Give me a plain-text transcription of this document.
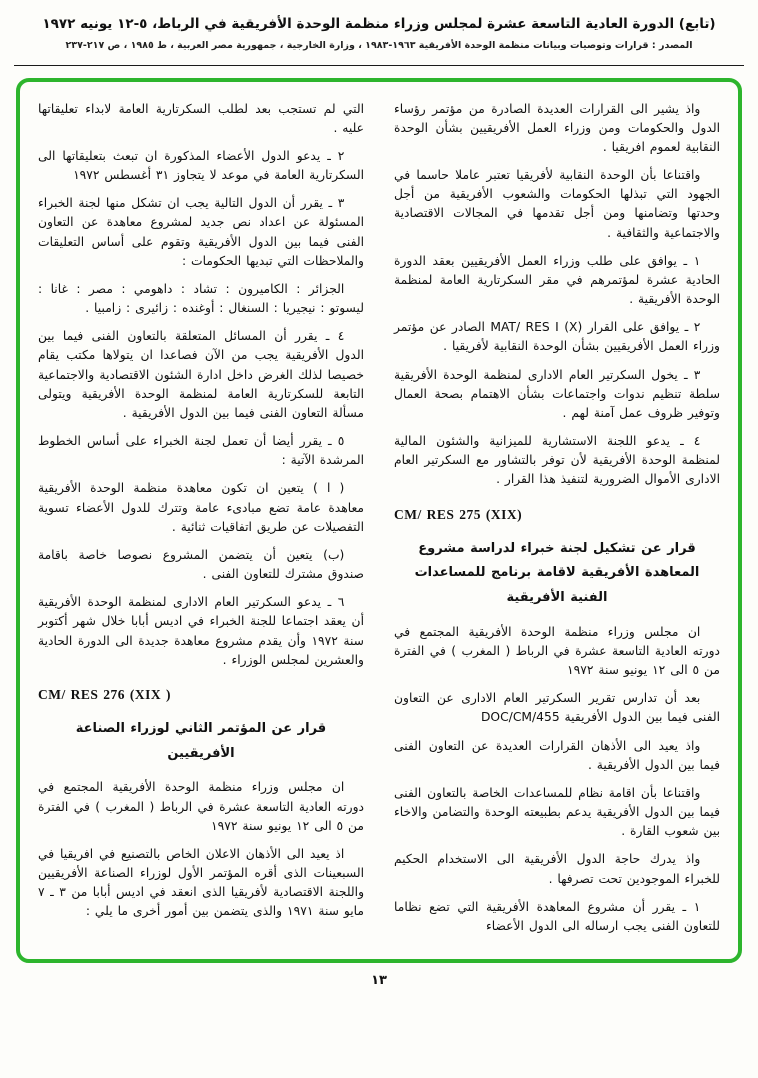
(تابع) الدورة العادية التاسعة عشرة لمجلس وزراء منظمة الوحدة الأفريقية في الرباط، ٥-١٢ يونيه ١٩٧٢
المصدر : قرارات وتوصيات وبيانات منظمة الوحدة الأفريقية ١٩٦٣-١٩٨٣ ، وزارة الخارجية ، جمهورية مصر العربية ، ط ١٩٨٥ ، ص ٢١٧-٢٣٧
واذ يشير الى القرارات العديدة الصادرة من مؤتمر رؤساء الدول والحكومات ومن وزراء العمل الأفريقيين بشأن الوحدة النقابية لعموم افريقيا .
واقتناعا بأن الوحدة النقابية لأفريقيا تعتبر عاملا حاسما في الجهود التي تبذلها الحكومات والشعوب الأفريقية من أجل وحدتها وتضامنها ومن أجل تقدمها في المجالات الاقتصادية والاجتماعية والثقافية .
١ ـ يوافق على طلب وزراء العمل الأفريقيين بعقد الدورة الحادية عشرة لمؤتمرهم في مقر السكرتارية العامة لمنظمة الوحدة الأفريقية .
٢ ـ يوافق على القرار MAT/ RES I (X) الصادر عن مؤتمر وزراء العمل الأفريقيين بشأن الوحدة النقابية لأفريقيا .
٣ ـ يخول السكرتير العام الادارى لمنظمة الوحدة الأفريقية سلطة تنظيم ندوات واجتماعات بشأن الاهتمام بصحة العمال وتوفير ظروف عمل آمنة لهم .
٤ ـ يدعو اللجنة الاستشارية للميزانية والشئون المالية لمنظمة الوحدة الأفريقية لأن توفر بالتشاور مع السكرتير العام الادارى الأموال الضرورية لتنفيذ هذا القرار .
CM/ RES 275 (XIX)
قرار عن تشكيل لجنة خبراء لدراسة مشروع المعاهدة الأفريقية لاقامة برنامج للمساعدات الفنية الأفريقية
ان مجلس وزراء منظمة الوحدة الأفريقية المجتمع في دورته العادية التاسعة عشرة في الرباط ( المغرب ) في الفترة من ٥ الى ١٢ يونيو سنة ١٩٧٢
بعد أن تدارس تقرير السكرتير العام الادارى عن التعاون الفنى فيما بين الدول الأفريقية DOC/CM/455
واذ يعيد الى الأذهان القرارات العديدة عن التعاون الفنى فيما بين الدول الأفريقية .
واقتناعا بأن اقامة نظام للمساعدات الخاصة بالتعاون الفنى فيما بين الدول الأفريقية يدعم بطبيعته الوحدة والتضامن والاخاء بين شعوب القارة .
واذ يدرك حاجة الدول الأفريقية الى الاستخدام الحكيم للخبراء الموجودين تحت تصرفها .
١ ـ يقرر أن مشروع المعاهدة الأفريقية التي تضع نظاما للتعاون الفنى يجب ارساله الى الدول الأعضاء
التي لم تستجب بعد لطلب السكرتارية العامة لابداء تعليقاتها عليه .
٢ ـ يدعو الدول الأعضاء المذكورة ان تبعث بتعليقاتها الى السكرتارية العامة في موعد لا يتجاوز ٣١ أغسطس ١٩٧٢
٣ ـ يقرر أن الدول التالية يجب ان تشكل منها لجنة الخبراء المسئولة عن اعداد نص جديد لمشروع معاهدة عن التعاون الفنى فيما بين الدول الأفريقية وتقوم على أساس التعليقات والملاحظات التي تبديها الحكومات :
الجزائر : الكاميرون : تشاد : داهومي : مصر : غانا : ليسوتو : نيجيريا : السنغال : أوغنده : زائيرى : زامبيا .
٤ ـ يقرر أن المسائل المتعلقة بالتعاون الفنى فيما بين الدول الأفريقية يجب من الآن فصاعدا ان يتولاها مكتب يقام خصيصا لذلك الغرض داخل ادارة الشئون الاقتصادية والاجتماعية التابعة للسكرتارية العامة لمنظمة الوحدة الأفريقية ويتولى مسألة التعاون الفنى فيما بين الدول الأفريقية .
٥ ـ يقرر أيضا أن تعمل لجنة الخبراء على أساس الخطوط المرشدة الآتية :
( ا ) يتعين ان تكون معاهدة منظمة الوحدة الأفريقية معاهدة عامة تضع مبادىء عامة وتترك للدول الأعضاء تسوية التفصيلات عن طريق اتفاقيات ثنائية .
(ب) يتعين أن يتضمن المشروع نصوصا خاصة باقامة صندوق مشترك للتعاون الفنى .
٦ ـ يدعو السكرتير العام الادارى لمنظمة الوحدة الأفريقية أن يعقد اجتماعا للجنة الخبراء في اديس أبابا خلال شهر أكتوبر سنة ١٩٧٢ وأن يقدم مشروع معاهدة جديدة الى الدورة الحادية والعشرين لمجلس الوزراء .
CM/ RES 276 (XIX )
قرار عن المؤتمر الثاني لوزراء الصناعة الأفريقيين
ان مجلس وزراء منظمة الوحدة الأفريقية المجتمع في دورته العادية التاسعة عشرة في الرباط ( المغرب ) في الفترة من ٥ الى ١٢ يونيو سنة ١٩٧٢
اذ يعيد الى الأذهان الاعلان الخاص بالتصنيع في افريقيا في السبعينات الذى أقره المؤتمر الأول لوزراء الصناعة الأفريقيين واللجنة الاقتصادية لأفريقيا الذى انعقد في اديس أبابا من ٣ ـ ٧ مايو سنة ١٩٧١ والذى يتضمن بين أمور أخرى ما يلي :
١٣
